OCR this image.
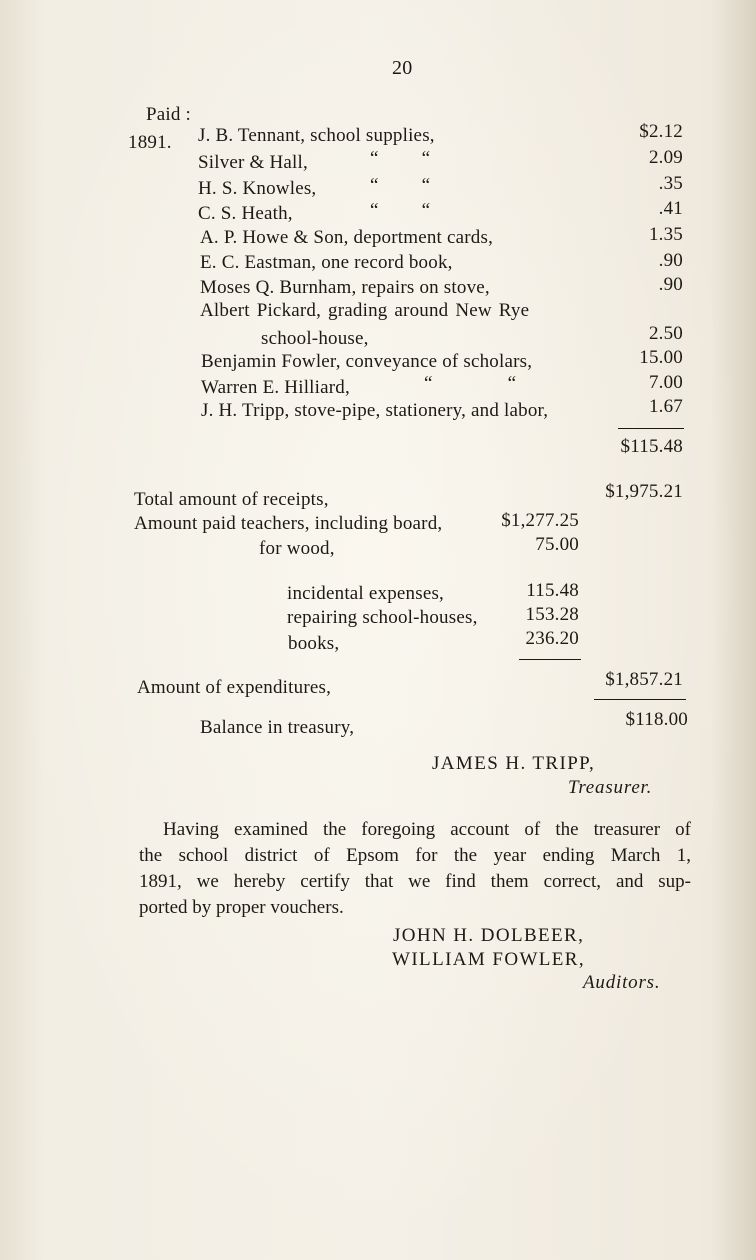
20
Paid :
1891. J. B. Tennant, school supplies,	$2.12
Silver & Hall,	“ “	2.09
H. S. Knowles,	“ “	.35
C. S. Heath,	“ “	.41
A. P. Howe & Son, deportment cards,	1.35
E. C. Eastman, one record book,	.90
Moses Q. Burnham, repairs on stove,	.90
Albert Pickard, grading around New Rye
school-house,	2.50
Benjamin Fowler, conveyance of scholars,	15.00
Warren E. Hilliard,	“ “	7.00
J. H. Tripp, stove-pipe, stationery, and labor,	1.67
$115.48
Total amount of receipts,	$1,975.21
Amount paid teachers, including board,	$1,277.25
for wood,	75.00
incidental expenses,	115.48
repairing school-houses,	153.28
books,	236.20
Amount of expenditures,	$1,857.21
Balance in treasury,	$118.00
JAMES H. TRIPP,
Treasurer.
Having examined the foregoing account of the treasurer of
the school district of Epsom for the year ending March 1,
1891, we hereby certify that we find them correct, and sup-
ported by proper vouchers.
JOHN H. DOLBEER,
WILLIAM FOWLER,
Auditors.
